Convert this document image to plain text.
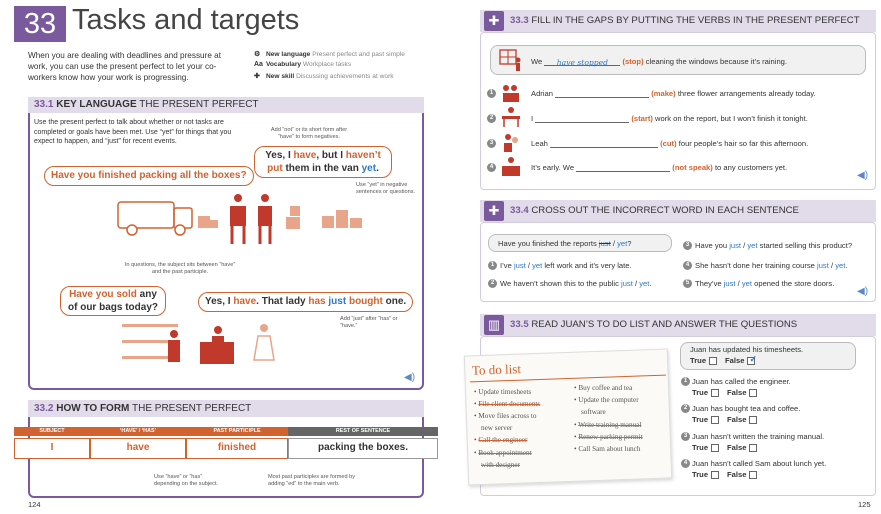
33 Tasks and targets

When you are dealing with deadlines and pressure at work, you can use the present perfect to let your co-workers know how your work is progressing.

⚙ New language Present perfect and past simple
Aa Vocabulary Workplace tasks
✚ New skill Discussing achievements at work
33.1 KEY LANGUAGE THE PRESENT PERFECT

Use the present perfect to talk about whether or not tasks are completed or goals have been met. Use “yet” for things that you expect to happen, and “just” for recent events.

Add “not” or its short form after “have” to form negatives.
Have you finished packing all the boxes?
Yes, I have, but I haven’t put them in the van yet.
Use “yet” in negative sentences or questions.
In questions, the subject sits between “have” and the past participle.
Have you sold any of our bags today?
Yes, I have. That lady has just bought one.
Add “just” after “has” or “have.”
◀)
33.2 HOW TO FORM THE PRESENT PERFECT
SUBJECT	‘HAVE’ / ‘HAS’	PAST PARTICIPLE	REST OF SENTENCE
I	have	finished	packing the boxes.
Use “have” or “has” depending on the subject.
Most past participles are formed by adding “ed” to the main verb.
124
✚	33.3 FILL IN THE GAPS BY PUTTING THE VERBS IN THE PRESENT PERFECT
We have stopped (stop) cleaning the windows because it’s raining.
1	Adrian	(make) three flower arrangements already today.
2	I	(start) work on the report, but I won’t finish it tonight.
3	Leah	(cut) four people’s hair so far this afternoon.
4	It’s early. We	(not speak) to any customers yet.
◀)
✚	33.4 CROSS OUT THE INCORRECT WORD IN EACH SENTENCE
Have you finished the reports just / yet?
1 I’ve just / yet left work and it’s very late.
2 We haven’t shown this to the public just / yet.
3 Have you just / yet started selling this product?
4 She hasn’t done her training course just / yet.
5 They’ve just / yet opened the store doors.
◀)
▥	33.5 READ JUAN’S TO DO LIST AND ANSWER THE QUESTIONS
To do list
• Update timesheets
• File client documents
• Move files across to
new server
• Call the engineer
• Book appointment
with designer
• Buy coffee and tea
• Update the computer
software
• Write training manual
• Renew parking permit
• Call Sam about lunch
Juan has updated his timesheets.
True	False ✓
1 Juan has called the engineer.
True	False
2 Juan has bought tea and coffee.
True	False
3 Juan hasn’t written the training manual.
True	False
4 Juan hasn’t called Sam about lunch yet.
True	False
125
